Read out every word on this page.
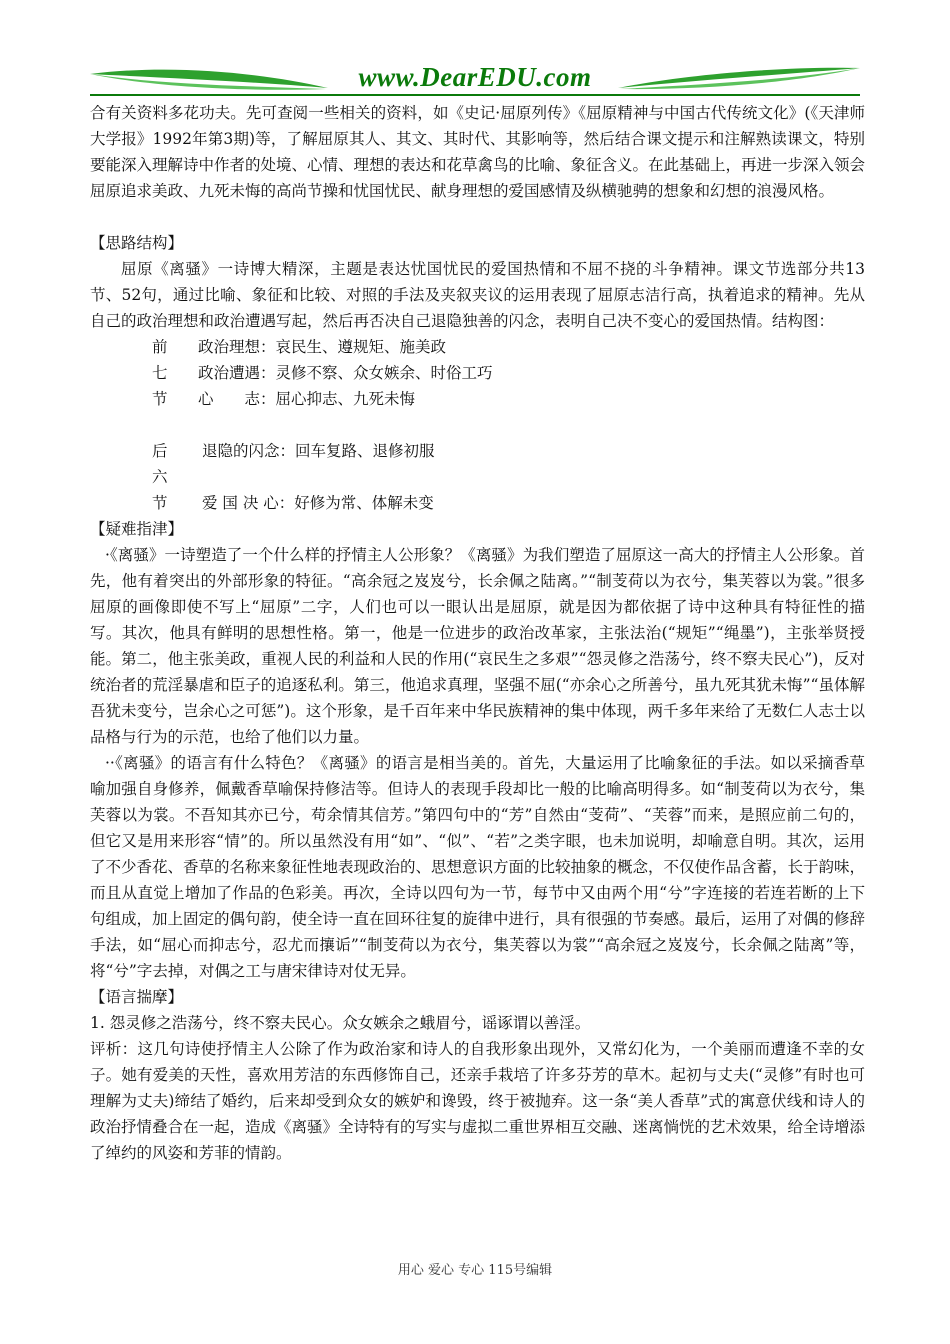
www.DearEDU.com

合有关资料多花功夫。先可查阅一些相关的资料，如《史记·屈原列传》《屈原精神与中国古代传统文化》(《天津师大学报》1992年第3期)等，了解屈原其人、其文、其时代、其影响等，然后结合课文提示和注解熟读课文，特别要能深入理解诗中作者的处境、心情、理想的表达和花草禽鸟的比喻、象征含义。在此基础上，再进一步深入领会屈原追求美政、九死未悔的高尚节操和忧国忧民、献身理想的爱国感情及纵横驰骋的想象和幻想的浪漫风格。

【思路结构】

屈原《离骚》一诗博大精深，主题是表达忧国忧民的爱国热情和不屈不挠的斗争精神。课文节选部分共13节、52句，通过比喻、象征和比较、对照的手法及夹叙夹议的运用表现了屈原志洁行高，执着追求的精神。先从自己的政治理想和政治遭遇写起，然后再否决自己退隐独善的闪念，表明自己决不变心的爱国热情。结构图：

前 政治理想：哀民生、遵规矩、施美政
七 政治遭遇：灵修不察、众女嫉余、时俗工巧
节 心　　志：屈心抑志、九死未悔
后 退隐的闪念：回车复路、退修初服
六
节 爱 国 决 心：好修为常、体解未变

【疑难指津】

·《离骚》一诗塑造了一个什么样的抒情主人公形象？《离骚》为我们塑造了屈原这一高大的抒情主人公形象。首先，他有着突出的外部形象的特征。“高余冠之岌岌兮，长余佩之陆离。”“制芰荷以为衣兮，集芙蓉以为裳。”很多屈原的画像即使不写上“屈原”二字，人们也可以一眼认出是屈原，就是因为都依据了诗中这种具有特征性的描写。其次，他具有鲜明的思想性格。第一，他是一位进步的政治改革家，主张法治(“规矩”“绳墨”)，主张举贤授能。第二，他主张美政，重视人民的利益和人民的作用(“哀民生之多艰”“怨灵修之浩荡兮，终不察夫民心”)，反对统治者的荒淫暴虐和臣子的追逐私利。第三，他追求真理，坚强不屈(“亦余心之所善兮，虽九死其犹未悔”“虽体解吾犹未变兮，岂余心之可惩”)。这个形象，是千百年来中华民族精神的集中体现，两千多年来给了无数仁人志士以品格与行为的示范，也给了他们以力量。

··《离骚》的语言有什么特色？《离骚》的语言是相当美的。首先，大量运用了比喻象征的手法。如以采摘香草喻加强自身修养，佩戴香草喻保持修洁等。但诗人的表现手段却比一般的比喻高明得多。如“制芰荷以为衣兮，集芙蓉以为裳。不吾知其亦已兮，苟余情其信芳。”第四句中的“芳”自然由“芰荷”、“芙蓉”而来，是照应前二句的，但它又是用来形容“情”的。所以虽然没有用“如”、“似”、“若”之类字眼，也未加说明，却喻意自明。其次，运用了不少香花、香草的名称来象征性地表现政治的、思想意识方面的比较抽象的概念，不仅使作品含蓄，长于韵味，而且从直觉上增加了作品的色彩美。再次，全诗以四句为一节，每节中又由两个用“兮”字连接的若连若断的上下句组成，加上固定的偶句韵，使全诗一直在回环往复的旋律中进行，具有很强的节奏感。最后，运用了对偶的修辞手法，如“屈心而抑志兮，忍尤而攘诟”“制芰荷以为衣兮，集芙蓉以为裳”“高余冠之岌岌兮，长余佩之陆离”等，将“兮”字去掉，对偶之工与唐宋律诗对仗无异。

【语言揣摩】

1. 怨灵修之浩荡兮，终不察夫民心。众女嫉余之蛾眉兮，谣诼谓以善淫。

评析：这几句诗使抒情主人公除了作为政治家和诗人的自我形象出现外，又常幻化为，一个美丽而遭逢不幸的女子。她有爱美的天性，喜欢用芳洁的东西修饰自己，还亲手栽培了许多芬芳的草木。起初与丈夫(“灵修”有时也可理解为丈夫)缔结了婚约，后来却受到众女的嫉妒和谗毁，终于被抛弃。这一条“美人香草”式的寓意伏线和诗人的政治抒情叠合在一起，造成《离骚》全诗特有的写实与虚拟二重世界相互交融、迷离惝恍的艺术效果，给全诗增添了绰约的风姿和芳菲的情韵。

用心 爱心 专心 115号编辑
